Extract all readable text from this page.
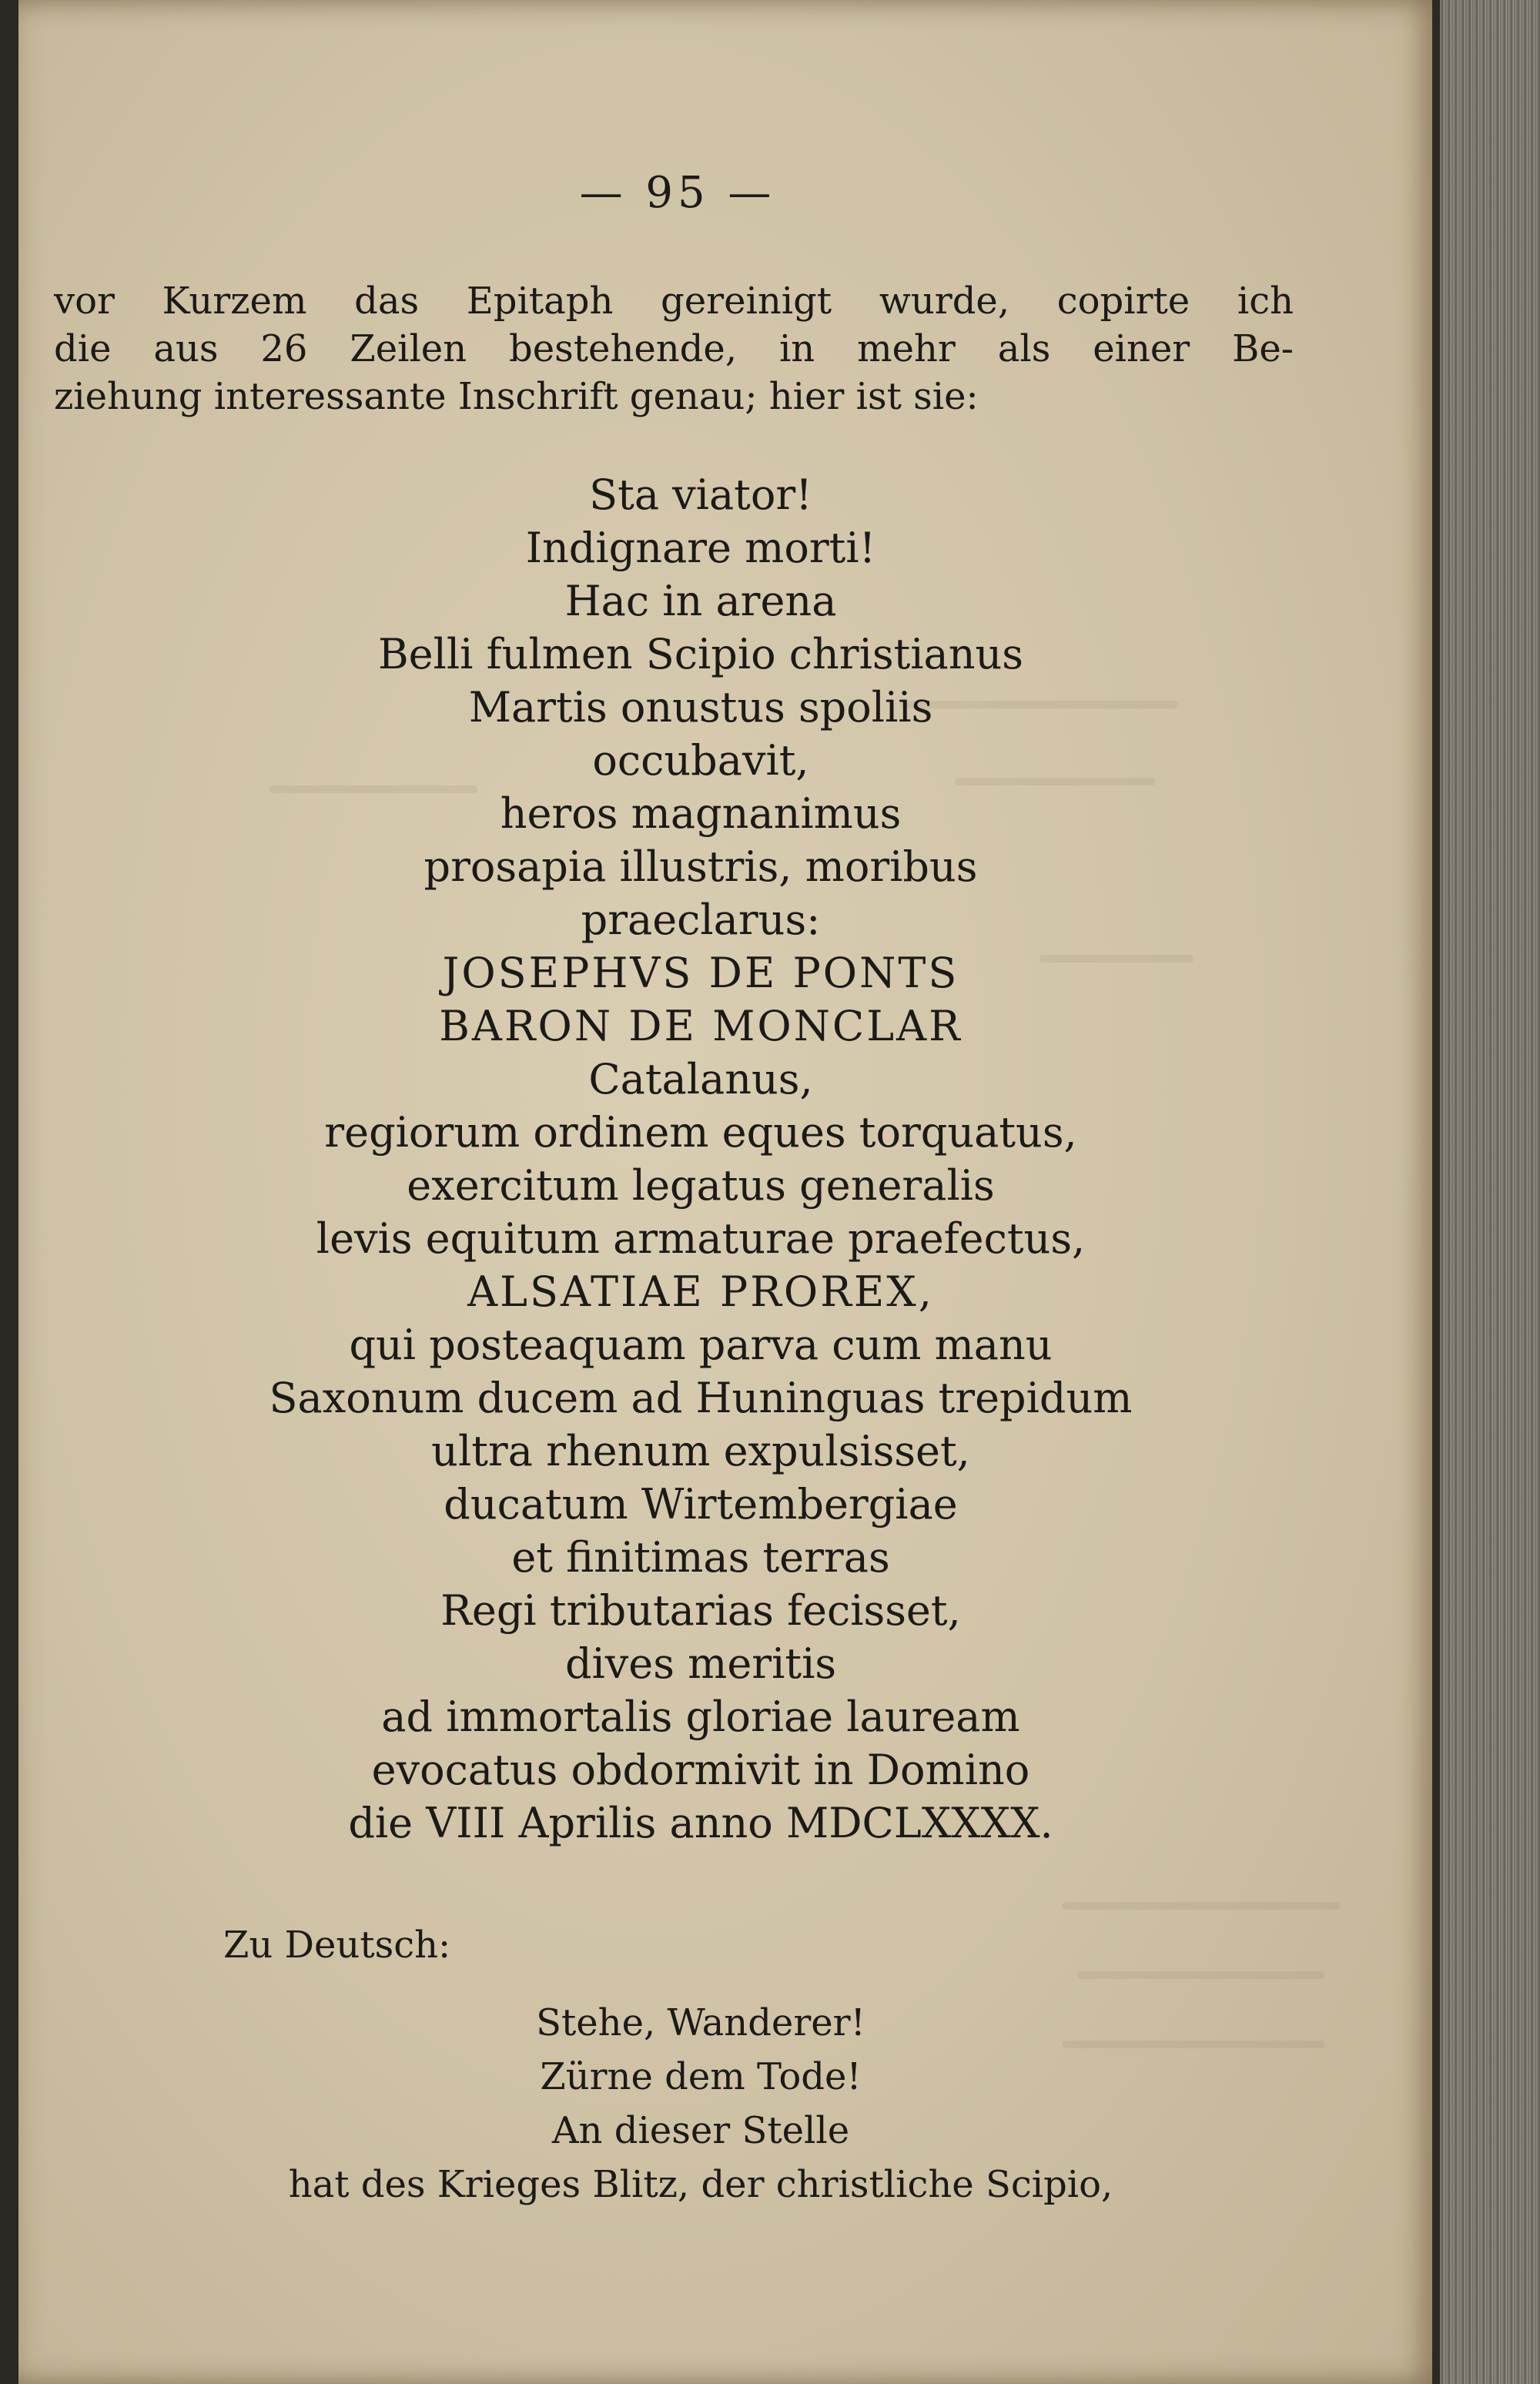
— 95 —
vor Kurzem das Epitaph gereinigt wurde, copirte ich
die aus 26 Zeilen bestehende, in mehr als einer Be-
ziehung interessante Inschrift genau; hier ist sie:
Sta viator!
Indignare morti!
Hac in arena
Belli fulmen Scipio christianus
Martis onustus spoliis
occubavit,
heros magnanimus
prosapia illustris, moribus
praeclarus:
JOSEPHVS DE PONTS
BARON DE MONCLAR
Catalanus,
regiorum ordinem eques torquatus,
exercitum legatus generalis
levis equitum armaturae praefectus,
ALSATIAE PROREX,
qui posteaquam parva cum manu
Saxonum ducem ad Huninguas trepidum
ultra rhenum expulsisset,
ducatum Wirtembergiae
et finitimas terras
Regi tributarias fecisset,
dives meritis
ad immortalis gloriae lauream
evocatus obdormivit in Domino
die VIII Aprilis anno MDCLXXXX.
Zu Deutsch:
Stehe, Wanderer!
Zürne dem Tode!
An dieser Stelle
hat des Krieges Blitz, der christliche Scipio,
